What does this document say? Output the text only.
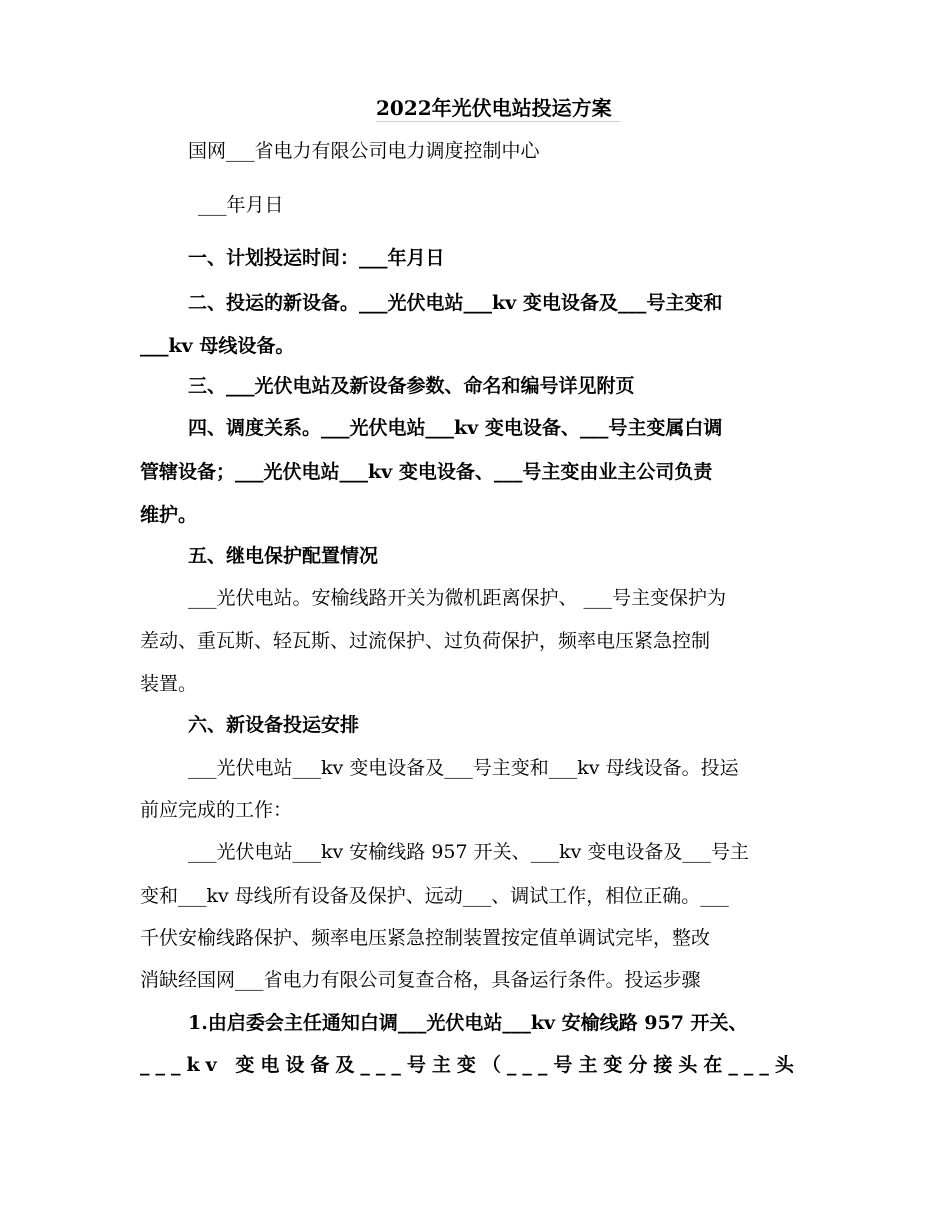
2022年光伏电站投运方案
国网___省电力有限公司电力调度控制中心
___年月日
一、计划投运时间：___年月日
二、投运的新设备。___光伏电站___kv 变电设备及___号主变和
___kv 母线设备。
三、___光伏电站及新设备参数、命名和编号详见附页
四、调度关系。___光伏电站___kv 变电设备、___号主变属白调
管辖设备；___光伏电站___kv 变电设备、___号主变由业主公司负责
维护。
五、继电保护配置情况
___光伏电站。安榆线路开关为微机距离保护、 ___号主变保护为
差动、重瓦斯、轻瓦斯、过流保护、过负荷保护，频率电压紧急控制
装置。
六、新设备投运安排
___光伏电站___kv 变电设备及___号主变和___kv 母线设备。投运
前应完成的工作：
___光伏电站___kv 安榆线路 957 开关、___kv 变电设备及___号主
变和___kv 母线所有设备及保护、远动___、调试工作，相位正确。___
千伏安榆线路保护、频率电压紧急控制装置按定值单调试完毕，整改
消缺经国网___省电力有限公司复查合格，具备运行条件。投运步骤
1.由启委会主任通知白调___光伏电站___kv 安榆线路 957 开关、
___kv 变电设备及___号主变（___号主变分接头在___头
